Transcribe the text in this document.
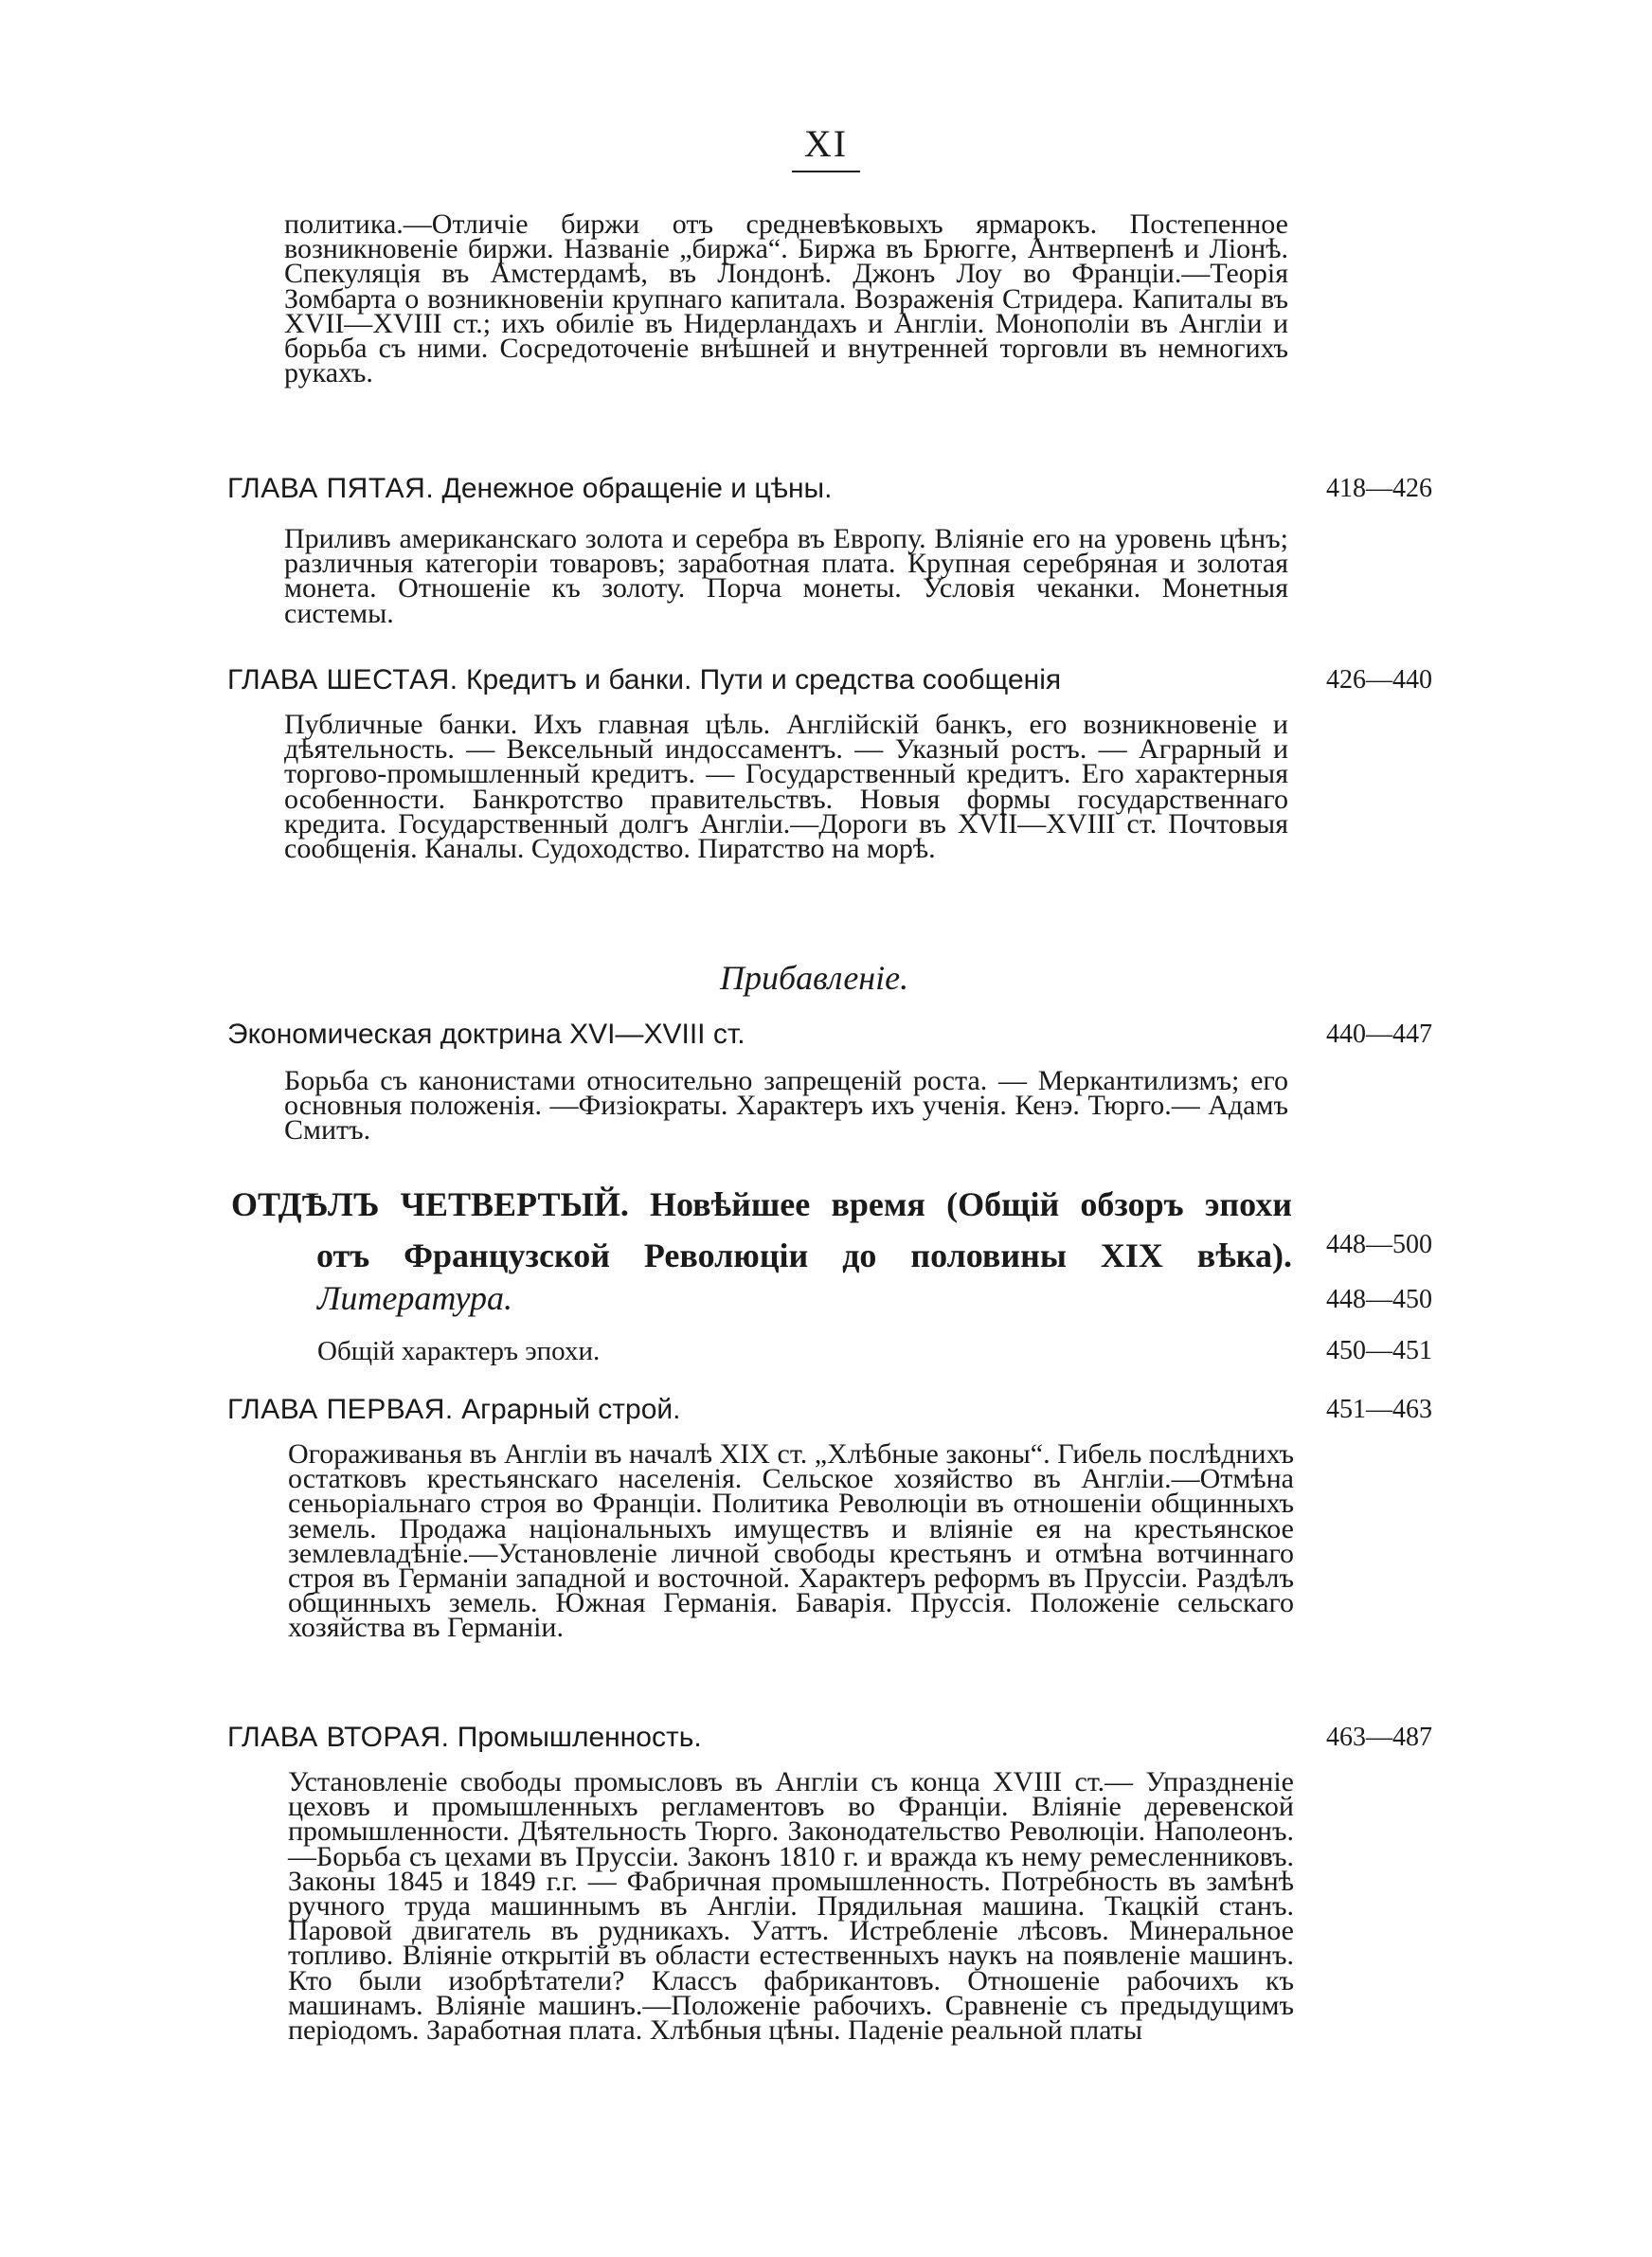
XI

политика.—Отличіе биржи отъ средневѣковыхъ ярмарокъ. Постепенное возникновеніе биржи. Названіе „биржа“. Биржа въ Брюгге, Антверпенѣ и Ліонѣ. Спекуляція въ Амстердамѣ, въ Лондонѣ. Джонъ Лоу во Франціи.—Теорія Зомбарта о возникновеніи крупнаго капитала. Возраженія Стридера. Капиталы въ XVII—XVIII ст.; ихъ обиліе въ Нидерландахъ и Англіи. Монополіи въ Англіи и борьба съ ними. Сосредоточеніе внѣшней и внутренней торговли въ немногихъ рукахъ.

ГЛАВА ПЯТАЯ. Денежное обращеніе и цѣны.	418—426

Приливъ американскаго золота и серебра въ Европу. Вліяніе его на уровень цѣнъ; различныя категоріи товаровъ; заработная плата. Крупная серебряная и золотая монета. Отношеніе къ золоту. Порча монеты. Условія чеканки. Монетныя системы.

ГЛАВА ШЕСТАЯ. Кредитъ и банки. Пути и средства сообщенія	426—440

Публичные банки. Ихъ главная цѣль. Англійскій банкъ, его возникновеніе и дѣятельность. — Вексельный индоссаментъ. — Указный ростъ. — Аграрный и торгово-промышленный кредитъ. — Государственный кредитъ. Его характерныя особенности. Банкротство правительствъ. Новыя формы государственнаго кредита. Государственный долгъ Англіи.—Дороги въ XVII—XVIII ст. Почтовыя сообщенія. Каналы. Судоходство. Пиратство на морѣ.

Прибавленіе.
Экономическая доктрина XVI—XVIII ст.	440—447

Борьба съ канонистами относительно запрещеній роста. — Меркантилизмъ; его основныя положенія. —Физіократы. Характеръ ихъ ученія. Кенэ. Тюрго.— Адамъ Смитъ.

ОТДѢЛЪ ЧЕТВЕРТЫЙ. Новѣйшее время (Общій обзоръ эпохи
отъ Французской Революціи до половины XIX вѣка). 448—500
Литература.	448—450
Общій характеръ эпохи.	450—451
ГЛАВА ПЕРВАЯ. Аграрный строй.	451—463

Огораживанья въ Англіи въ началѣ XIX ст. „Хлѣбные законы“. Гибель послѣднихъ остатковъ крестьянскаго населенія. Сельское хозяйство въ Англіи.—Отмѣна сеньоріальнаго строя во Франціи. Политика Революціи въ отношеніи общинныхъ земель. Продажа національныхъ имуществъ и вліяніе ея на крестьянское землевладѣніе.—Установленіе личной свободы крестьянъ и отмѣна вотчиннаго строя въ Германіи западной и восточной. Характеръ реформъ въ Пруссіи. Раздѣлъ общинныхъ земель. Южная Германія. Баварія. Пруссія. Положеніе сельскаго хозяйства въ Германіи.

ГЛАВА ВТОРАЯ. Промышленность.	463—487

Установленіе свободы промысловъ въ Англіи съ конца XVIII ст.— Упраздненіе цеховъ и промышленныхъ регламентовъ во Франціи. Вліяніе деревенской промышленности. Дѣятельность Тюрго. Законодательство Революціи. Наполеонъ.—Борьба съ цехами въ Пруссіи. Законъ 1810 г. и вражда къ нему ремесленниковъ. Законы 1845 и 1849 г.г. — Фабричная промышленность. Потребность въ замѣнѣ ручного труда машиннымъ въ Англіи. Прядильная машина. Ткацкій станъ. Паровой двигатель въ рудникахъ. Уаттъ. Истребленіе лѣсовъ. Минеральное топливо. Вліяніе открытій въ области естественныхъ наукъ на появленіе машинъ. Кто были изобрѣтатели? Классъ фабрикантовъ. Отношеніе рабочихъ къ машинамъ. Вліяніе машинъ.—Положеніе рабочихъ. Сравненіе съ предыдущимъ періодомъ. Заработная плата. Хлѣбныя цѣны. Паденіе реальной платы
